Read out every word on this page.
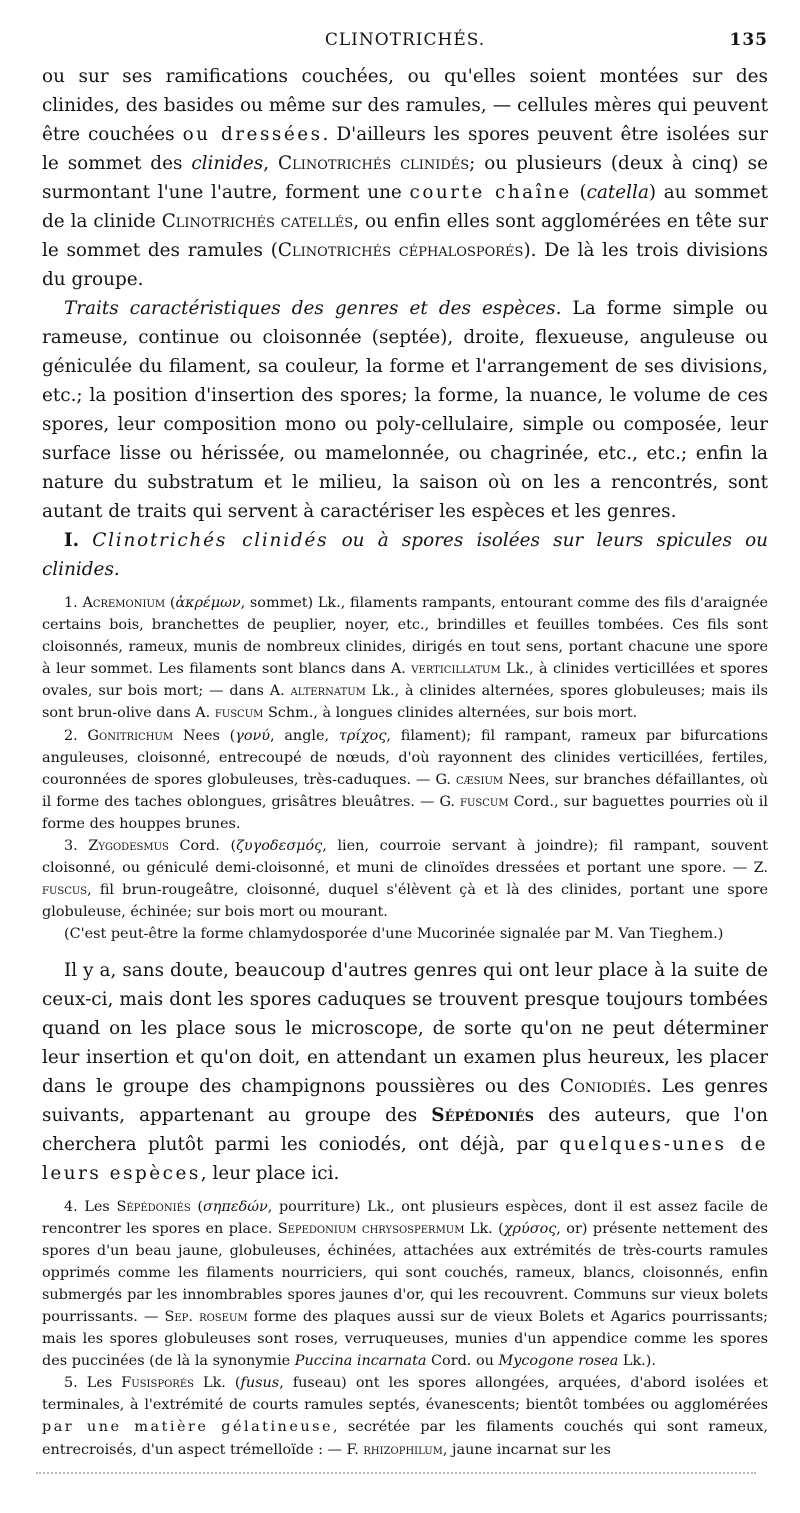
CLINOTRICHÉS.	135

ou sur ses ramifications couchées, ou qu'elles soient montées sur des clinides, des basides ou même sur des ramules, — cellules mères qui peuvent être couchées ou dressées. D'ailleurs les spores peuvent être isolées sur le sommet des clinides, Clinotrichés clinidés; ou plusieurs (deux à cinq) se surmontant l'une l'autre, forment une courte chaîne (catella) au sommet de la clinide Clinotrichés catellés, ou enfin elles sont agglomérées en tête sur le sommet des ramules (Clinotrichés céphalosporés). De là les trois divisions du groupe.

Traits caractéristiques des genres et des espèces. La forme simple ou rameuse, continue ou cloisonnée (septée), droite, flexueuse, anguleuse ou géniculée du filament, sa couleur, la forme et l'arrangement de ses divisions, etc.; la position d'insertion des spores; la forme, la nuance, le volume de ces spores, leur composition mono ou poly-cellulaire, simple ou composée, leur surface lisse ou hérissée, ou mamelonnée, ou chagrinée, etc., etc.; enfin la nature du substratum et le milieu, la saison où on les a rencontrés, sont autant de traits qui servent à caractériser les espèces et les genres.

I. Clinotrichés clinidés ou à spores isolées sur leurs spicules ou clinides.

1. Acremonium (ἀκρέμων, sommet) Lk., filaments rampants, entourant comme des fils d'araignée certains bois, branchettes de peuplier, noyer, etc., brindilles et feuilles tombées. Ces fils sont cloisonnés, rameux, munis de nombreux clinides, dirigés en tout sens, portant chacune une spore à leur sommet. Les filaments sont blancs dans A. verticillatum Lk., à clinides verticillées et spores ovales, sur bois mort; — dans A. alternatum Lk., à clinides alternées, spores globuleuses; mais ils sont brun-olive dans A. fuscum Schm., à longues clinides alternées, sur bois mort.

2. Gonitrichum Nees (γονύ, angle, τρίχος, filament); fil rampant, rameux par bifurcations anguleuses, cloisonné, entrecoupé de nœuds, d'où rayonnent des clinides verticillées, fertiles, couronnées de spores globuleuses, très-caduques. — G. cæsium Nees, sur branches défaillantes, où il forme des taches oblongues, grisâtres bleuâtres. — G. fuscum Cord., sur baguettes pourries où il forme des houppes brunes.

3. Zygodesmus Cord. (ζυγοδεσμός, lien, courroie servant à joindre); fil rampant, souvent cloisonné, ou géniculé demi-cloisonné, et muni de clinoïdes dressées et portant une spore. — Z. fuscus, fil brun-rougeâtre, cloisonné, duquel s'élèvent çà et là des clinides, portant une spore globuleuse, échinée; sur bois mort ou mourant.

(C'est peut-être la forme chlamydosporée d'une Mucorinée signalée par M. Van Tieghem.)

Il y a, sans doute, beaucoup d'autres genres qui ont leur place à la suite de ceux-ci, mais dont les spores caduques se trouvent presque toujours tombées quand on les place sous le microscope, de sorte qu'on ne peut déterminer leur insertion et qu'on doit, en attendant un examen plus heureux, les placer dans le groupe des champignons poussières ou des Coniodiés. Les genres suivants, appartenant au groupe des Sépédoniés des auteurs, que l'on cherchera plutôt parmi les coniodés, ont déjà, par quelques-unes de leurs espèces, leur place ici.

4. Les Sépédoniés (σηπεδών, pourriture) Lk., ont plusieurs espèces, dont il est assez facile de rencontrer les spores en place. Sepedonium chrysospermum Lk. (χρύσος, or) présente nettement des spores d'un beau jaune, globuleuses, échinées, attachées aux extrémités de très-courts ramules opprimés comme les filaments nourriciers, qui sont couchés, rameux, blancs, cloisonnés, enfin submergés par les innombrables spores jaunes d'or, qui les recouvrent. Communs sur vieux bolets pourrissants. — Sep. roseum forme des plaques aussi sur de vieux Bolets et Agarics pourrissants; mais les spores globuleuses sont roses, verruqueuses, munies d'un appendice comme les spores des puccinées (de là la synonymie Puccina incarnata Cord. ou Mycogone rosea Lk.).

5. Les Fusisporés Lk. (fusus, fuseau) ont les spores allongées, arquées, d'abord isolées et terminales, à l'extrémité de courts ramules septés, évanescents; bientôt tombées ou agglomérées par une matière gélatineuse, secrétée par les filaments couchés qui sont rameux, entrecroisés, d'un aspect trémelloïde : — F. rhizophilum, jaune incarnat sur les
